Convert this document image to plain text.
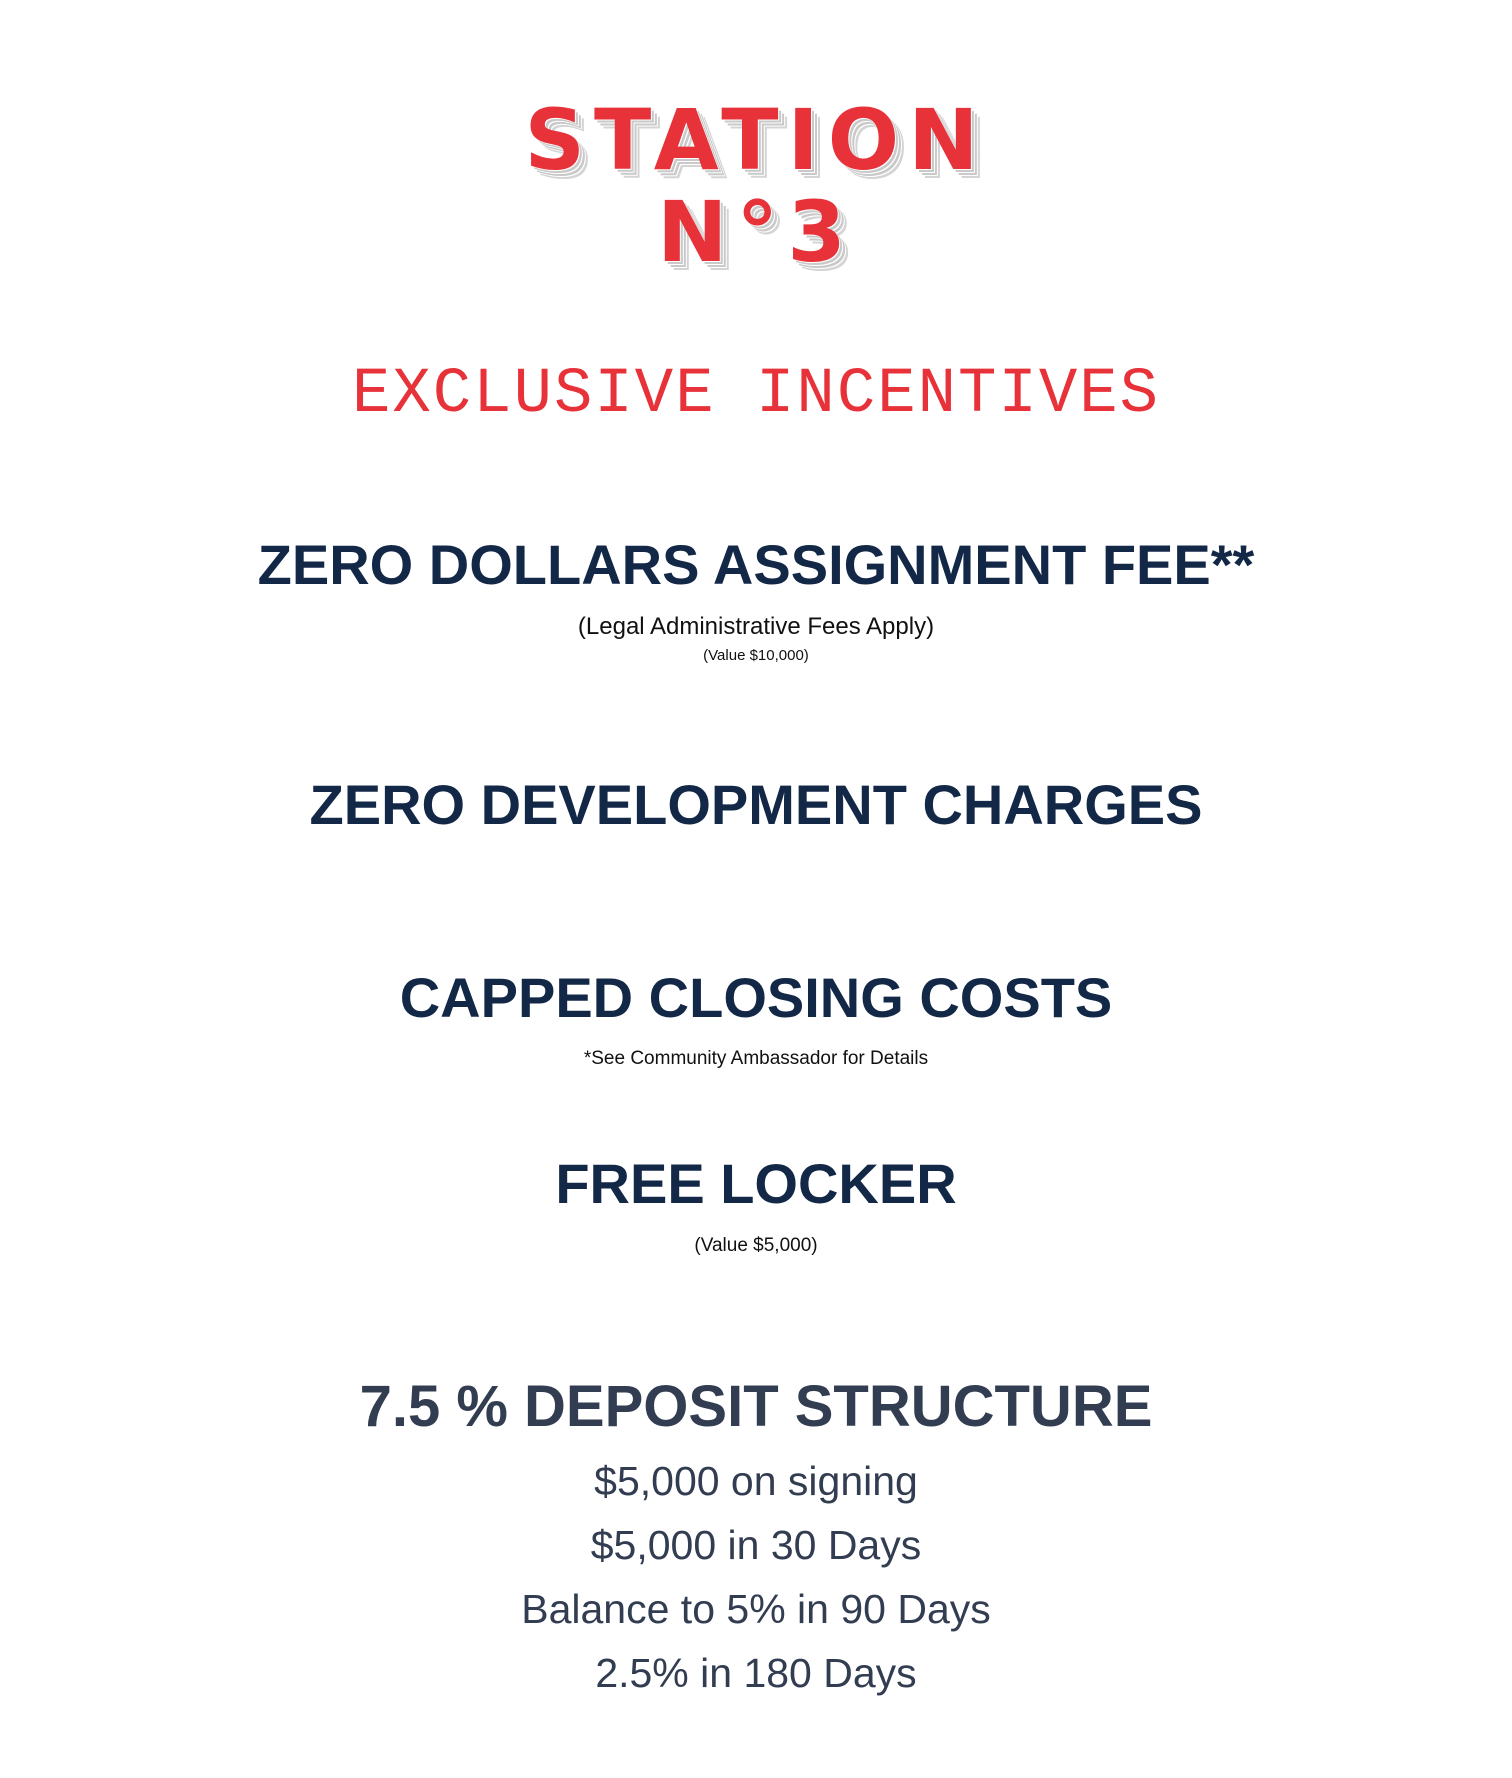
STATION
N°3
EXCLUSIVE INCENTIVES
ZERO DOLLARS ASSIGNMENT FEE**
(Legal Administrative Fees Apply)
(Value $10,000)
ZERO DEVELOPMENT CHARGES
CAPPED CLOSING COSTS
*See Community Ambassador for Details
FREE LOCKER
(Value $5,000)
7.5 % DEPOSIT STRUCTURE
$5,000 on signing
$5,000 in 30 Days
Balance to 5% in 90 Days
2.5% in 180 Days
